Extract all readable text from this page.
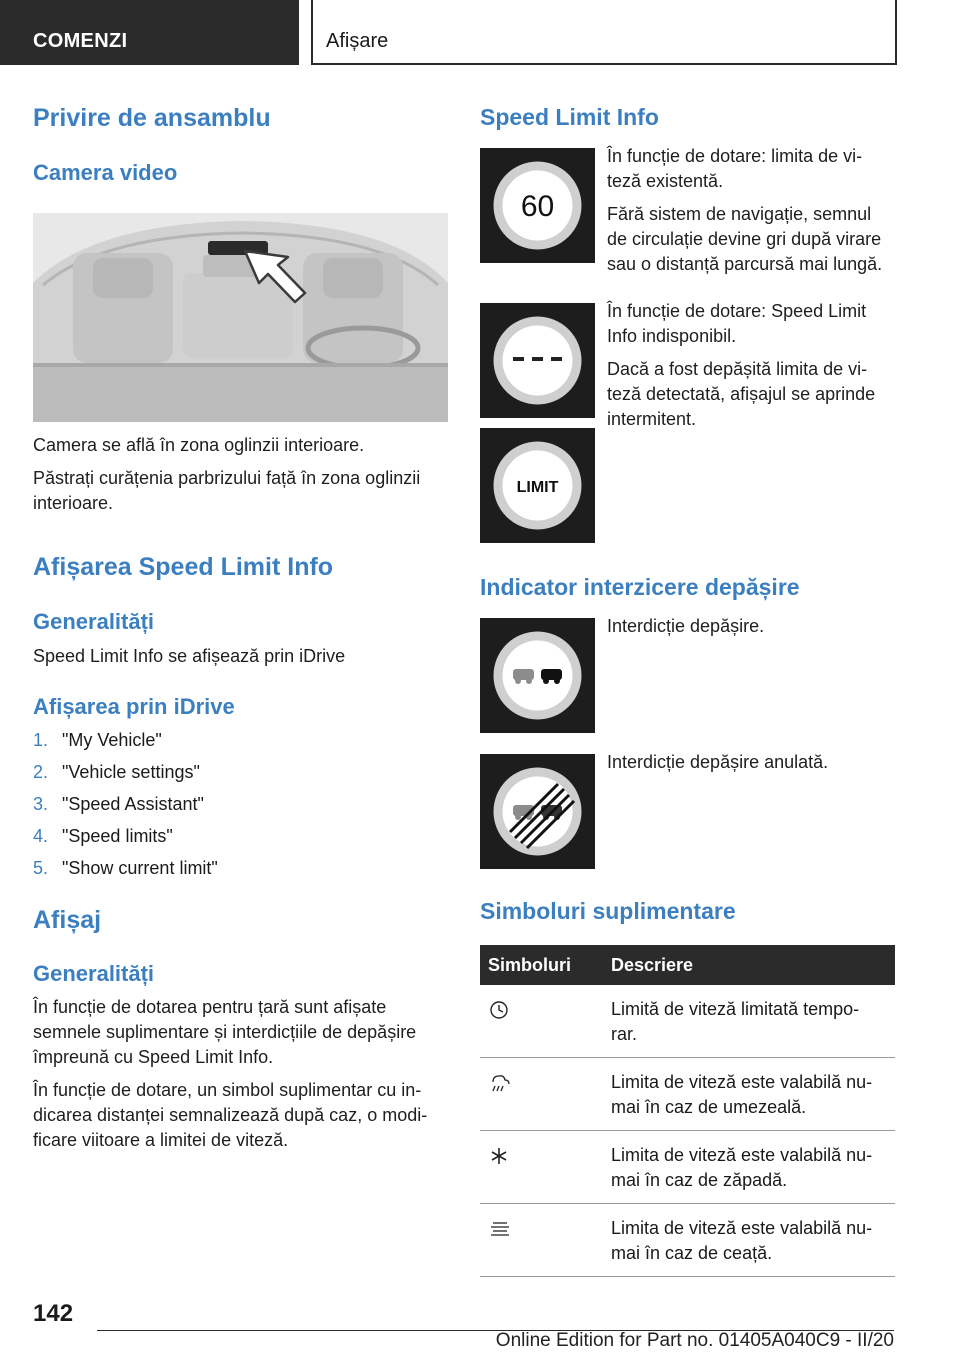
COMENZI	Afișare
Privire de ansamblu
Camera video
Camera se află în zona oglinzii interioare.
Păstrați curățenia parbrizului față în zona oglinzii
interioare.
Afișarea Speed Limit Info
Generalități
Speed Limit Info se afișează prin iDrive
Afișarea prin iDrive
1. "My Vehicle"
2. "Vehicle settings"
3. "Speed Assistant"
4. "Speed limits"
5. "Show current limit"
Afișaj
Generalități
În funcție de dotarea pentru țară sunt afișate
semnele suplimentare și interdicțiile de depășire
împreună cu Speed Limit Info.
În funcție de dotare, un simbol suplimentar cu in-
dicarea distanței semnalizează după caz, o modi-
ficare viitoare a limitei de viteză.
Speed Limit Info
60
În funcție de dotare: limita de vi-
teză existentă.
Fără sistem de navigație, semnul
de circulație devine gri după virare
sau o distanță parcursă mai lungă.
În funcție de dotare: Speed Limit
Info indisponibil.
Dacă a fost depășită limita de vi-
teză detectată, afișajul se aprinde
intermitent.
LIMIT
Indicator interzicere depășire
Interdicție depășire.
Interdicție depășire anulată.
Simboluri suplimentare
Simboluri	Descriere

Limită de viteză limitată tempo-
rar.

Limita de viteză este valabilă nu-
mai în caz de umezeală.

Limita de viteză este valabilă nu-
mai în caz de zăpadă.

Limita de viteză este valabilă nu-
mai în caz de ceață.
142
Online Edition for Part no. 01405A040C9 - II/20
